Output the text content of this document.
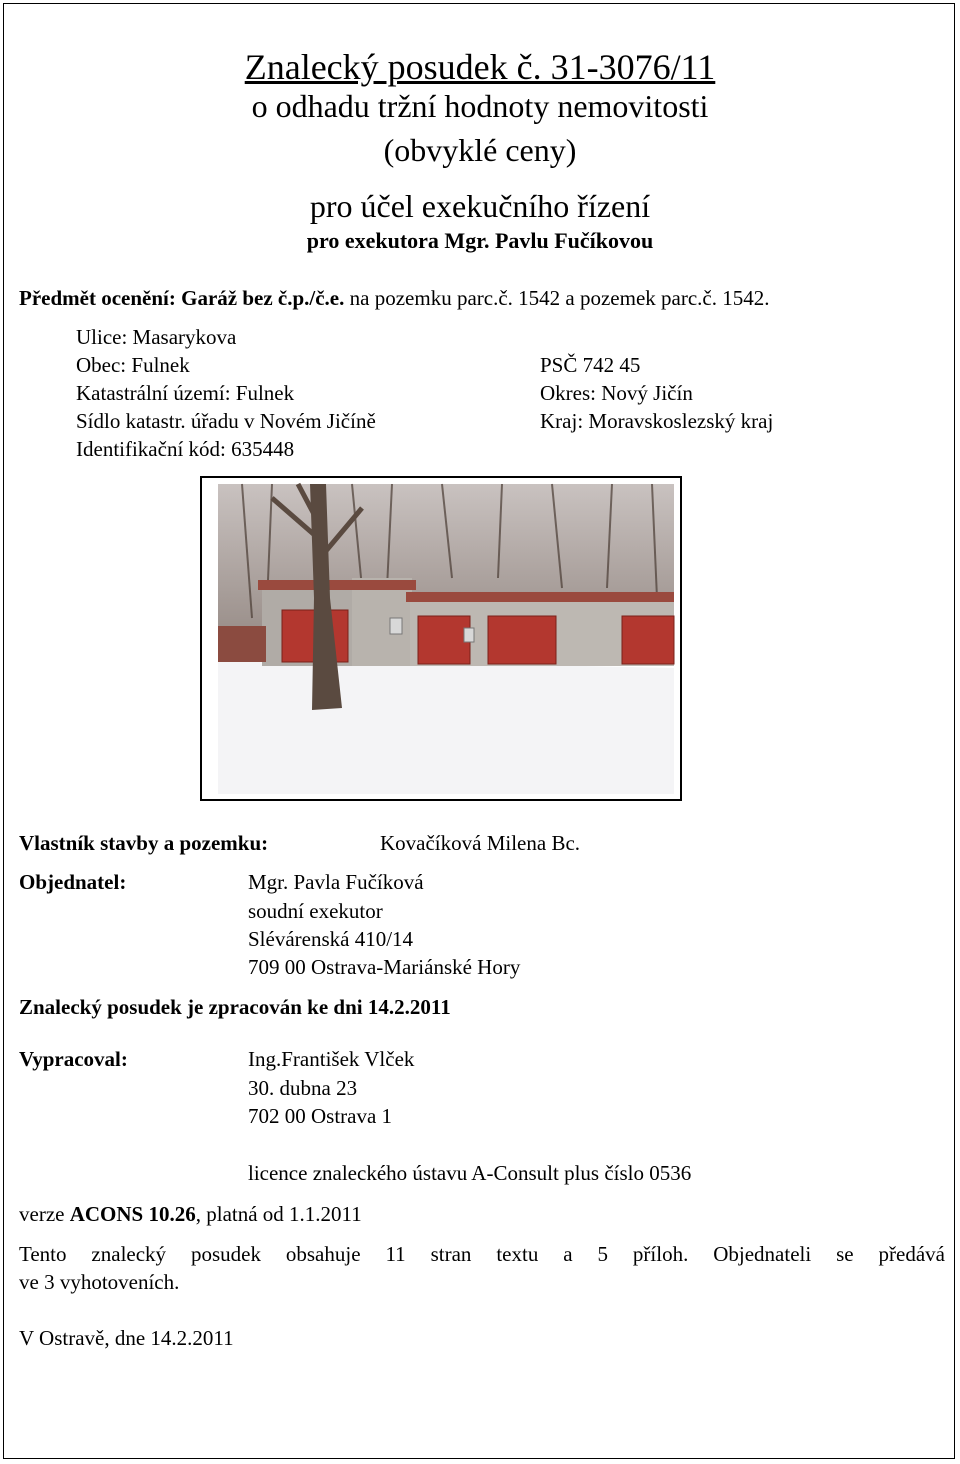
Znalecký posudek č. 31-3076/11
o odhadu tržní hodnoty nemovitosti
(obvyklé ceny)
pro účel exekučního řízení
pro exekutora Mgr. Pavlu Fučíkovou
Předmět ocenění: Garáž bez č.p./č.e. na pozemku parc.č. 1542 a pozemek parc.č. 1542.
Ulice: Masarykova
Obec: Fulnek	PSČ 742 45
Katastrální území: Fulnek	Okres: Nový Jičín
Sídlo katastr. úřadu v Novém Jičíně	Kraj: Moravskoslezský kraj
Identifikační kód: 635448
Vlastník stavby a pozemku:	Kovačíková Milena Bc.
Objednatel:	Mgr. Pavla Fučíková
soudní exekutor
Slévárenská 410/14
709 00 Ostrava-Mariánské Hory
Znalecký posudek je zpracován ke dni 14.2.2011
Vypracoval:	Ing.František Vlček
30. dubna 23
702 00 Ostrava 1
licence znaleckého ústavu A-Consult plus číslo 0536
verze ACONS 10.26, platná od 1.1.2011
Tento znalecký posudek obsahuje 11 stran textu a 5 příloh. Objednateli se předává
ve 3 vyhotoveních.
V Ostravě, dne 14.2.2011
